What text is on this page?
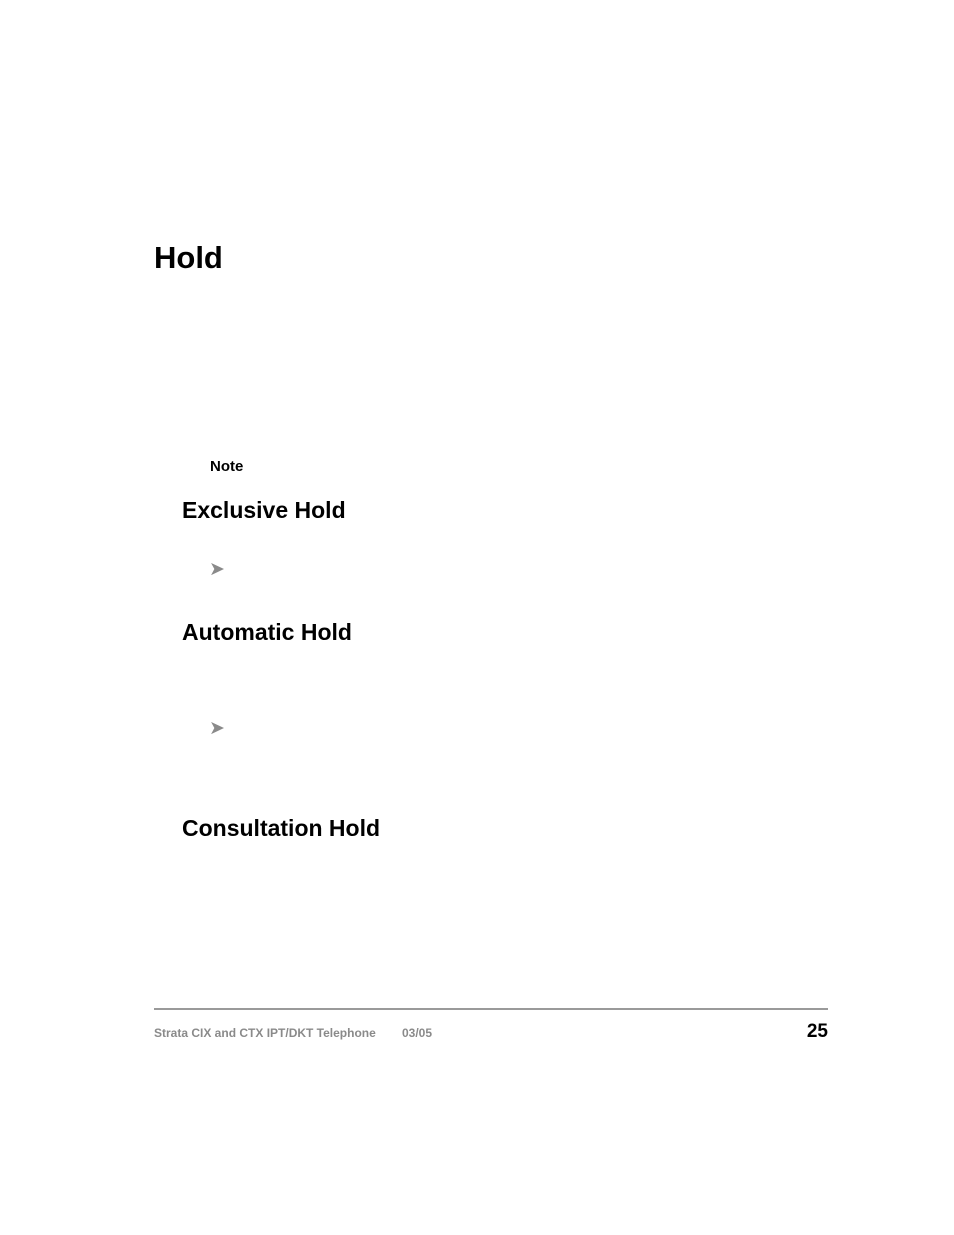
Hold
Note
Exclusive Hold
➤
Automatic Hold
➤
Consultation Hold
Strata CIX and CTX IPT/DKT Telephone 03/05	25
